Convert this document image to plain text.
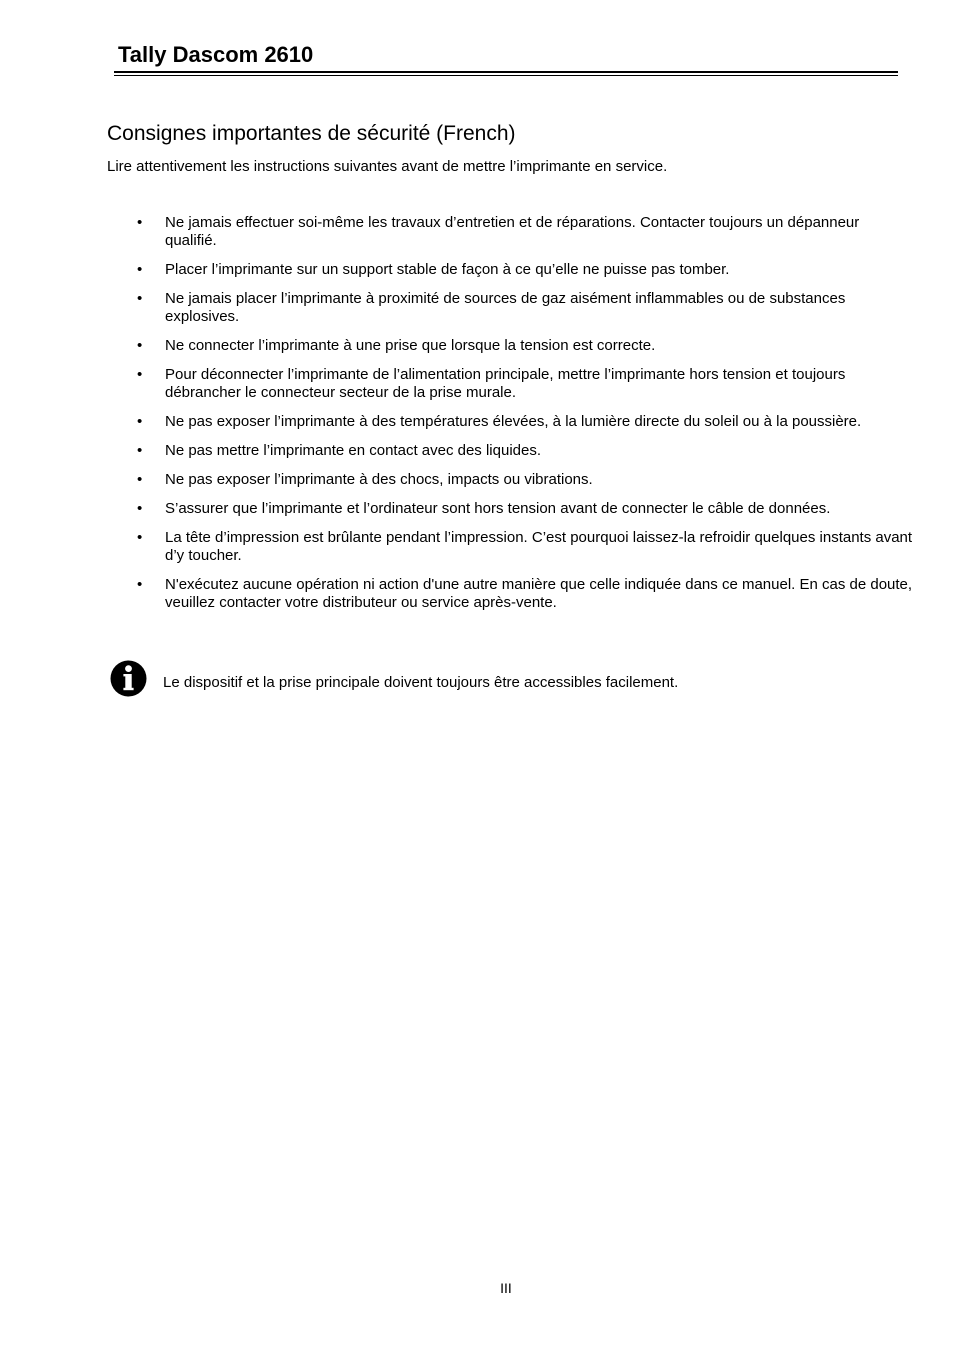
Tally Dascom 2610
Consignes importantes de sécurité (French)
Lire attentivement les instructions suivantes avant de mettre l’imprimante en service.
• Ne jamais effectuer soi-même les travaux d’entretien et de réparations. Contacter toujours un dépanneur qualifié.
• Placer l’imprimante sur un support stable de façon à ce qu’elle ne puisse pas tomber.
• Ne jamais placer l’imprimante à proximité de sources de gaz aisément inflammables ou de substances explosives.
• Ne connecter l’imprimante à une prise que lorsque la tension est correcte.
• Pour déconnecter l’imprimante de l’alimentation principale, mettre l’imprimante hors tension et toujours débrancher le connecteur secteur de la prise murale.
• Ne pas exposer l’imprimante à des températures élevées, à la lumière directe du soleil ou à la poussière.
• Ne pas mettre l’imprimante en contact avec des liquides.
• Ne pas exposer l’imprimante à des chocs, impacts ou vibrations.
• S’assurer que l’imprimante et l’ordinateur sont hors tension avant de connecter le câble de données.
• La tête d’impression est brûlante pendant l’impression. C’est pourquoi laissez-la refroidir quelques instants avant d’y toucher.
• N'exécutez aucune opération ni action d'une autre manière que celle indiquée dans ce manuel. En cas de doute, veuillez contacter votre distributeur ou service après-vente.
Le dispositif et la prise principale doivent toujours être accessibles facilement.
III
